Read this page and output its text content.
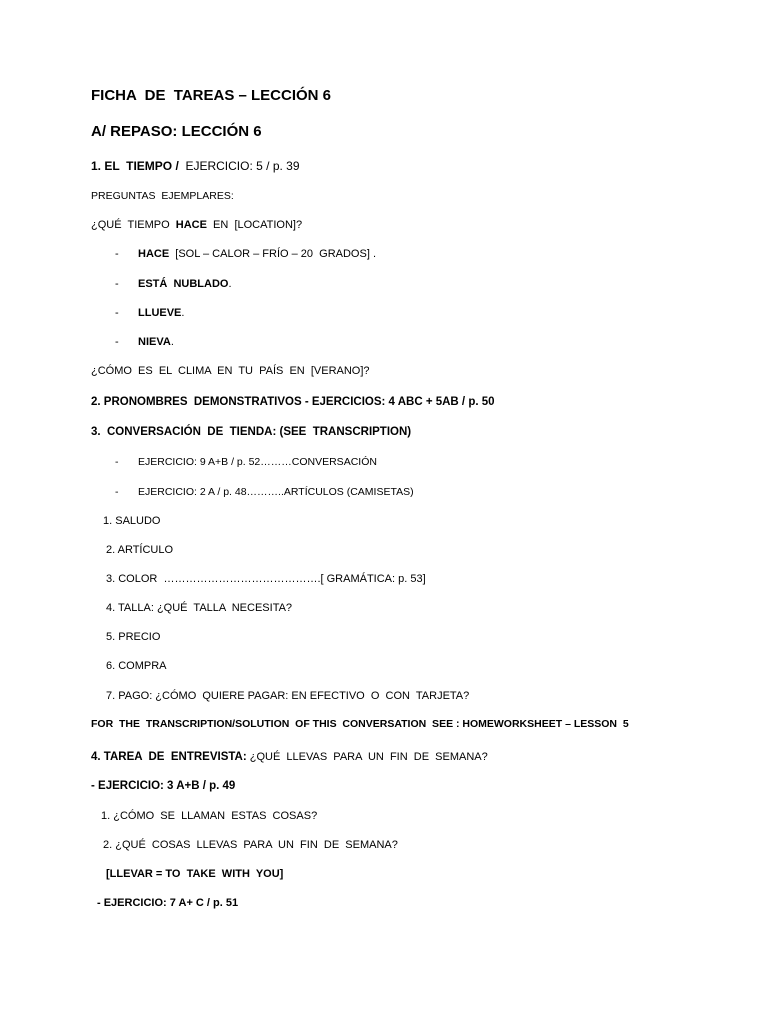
FICHA  DE  TAREAS – LECCIÓN 6
A/ REPASO: LECCIÓN 6
1. EL  TIEMPO /  EJERCICIO: 5 / p. 39
PREGUNTAS  EJEMPLARES:
¿QUÉ  TIEMPO  HACE  EN  [LOCATION]?
- HACE  [SOL – CALOR – FRÍO – 20  GRADOS] .
- ESTÁ  NUBLADO.
- LLUEVE.
- NIEVA.
¿CÓMO  ES  EL  CLIMA  EN  TU  PAÍS  EN  [VERANO]?
2. PRONOMBRES  DEMONSTRATIVOS - EJERCICIOS: 4 ABC + 5AB / p. 50
3.  CONVERSACIÓN  DE  TIENDA: (SEE  TRANSCRIPTION)
- EJERCICIO: 9 A+B / p. 52………CONVERSACIÓN
- EJERCICIO: 2 A / p. 48………..ARTÍCULOS (CAMISETAS)
1. SALUDO
2. ARTÍCULO
3. COLOR  …………………………………….[ GRAMÁTICA: p. 53]
4. TALLA: ¿QUÉ  TALLA  NECESITA?
5. PRECIO
6. COMPRA
7. PAGO: ¿CÓMO  QUIERE PAGAR: EN EFECTIVO  O  CON  TARJETA?
FOR  THE  TRANSCRIPTION/SOLUTION  OF THIS  CONVERSATION  SEE : HOMEWORKSHEET – LESSON  5
4. TAREA  DE  ENTREVISTA: ¿QUÉ  LLEVAS  PARA  UN  FIN  DE  SEMANA?
- EJERCICIO: 3 A+B / p. 49
1. ¿CÓMO  SE  LLAMAN  ESTAS  COSAS?
2. ¿QUÉ  COSAS  LLEVAS  PARA  UN  FIN  DE  SEMANA?
[LLEVAR = TO  TAKE  WITH  YOU]
- EJERCICIO: 7 A+ C / p. 51
